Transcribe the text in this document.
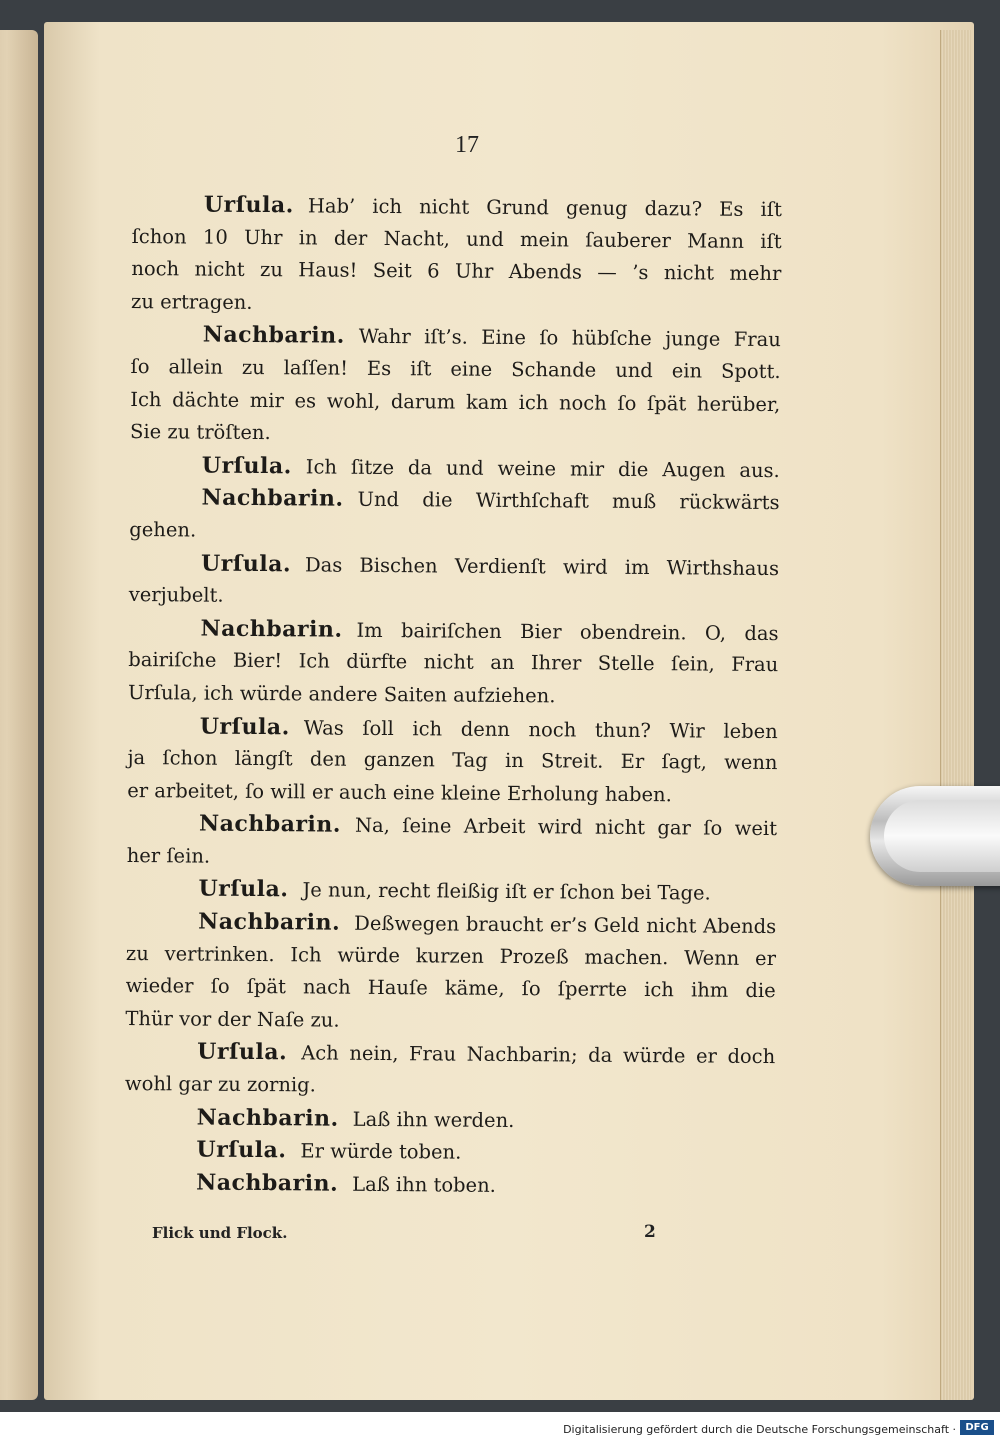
17
Urſula. Hab’ ich nicht Grund genug dazu? Es iſt
ſchon 10 Uhr in der Nacht, und mein ſauberer Mann iſt
noch nicht zu Haus! Seit 6 Uhr Abends — ’s nicht mehr
zu ertragen.
Nachbarin. Wahr iſt’s. Eine ſo hübſche junge Frau
ſo allein zu laſſen! Es iſt eine Schande und ein Spott.
Ich dächte mir es wohl, darum kam ich noch ſo ſpät herüber,
Sie zu tröſten.
Urſula. Ich ſitze da und weine mir die Augen aus.
Nachbarin. Und die Wirthſchaft muß rückwärts
gehen.
Urſula. Das Bischen Verdienſt wird im Wirthshaus
verjubelt.
Nachbarin. Im bairiſchen Bier obendrein. O, das
bairiſche Bier! Ich dürfte nicht an Ihrer Stelle ſein, Frau
Urſula, ich würde andere Saiten aufziehen.
Urſula. Was ſoll ich denn noch thun? Wir leben
ja ſchon längſt den ganzen Tag in Streit. Er ſagt, wenn
er arbeitet, ſo will er auch eine kleine Erholung haben.
Nachbarin. Na, ſeine Arbeit wird nicht gar ſo weit
her ſein.
Urſula. Je nun, recht fleißig iſt er ſchon bei Tage.
Nachbarin. Deßwegen braucht er’s Geld nicht Abends
zu vertrinken. Ich würde kurzen Prozeß machen. Wenn er
wieder ſo ſpät nach Hauſe käme, ſo ſperrte ich ihm die
Thür vor der Naſe zu.
Urſula. Ach nein, Frau Nachbarin; da würde er doch
wohl gar zu zornig.
Nachbarin. Laß ihn werden.
Urſula. Er würde toben.
Nachbarin. Laß ihn toben.
Flick und Flock.	2
Digitalisierung gefördert durch die Deutsche Forschungsgemeinschaft · DFG
